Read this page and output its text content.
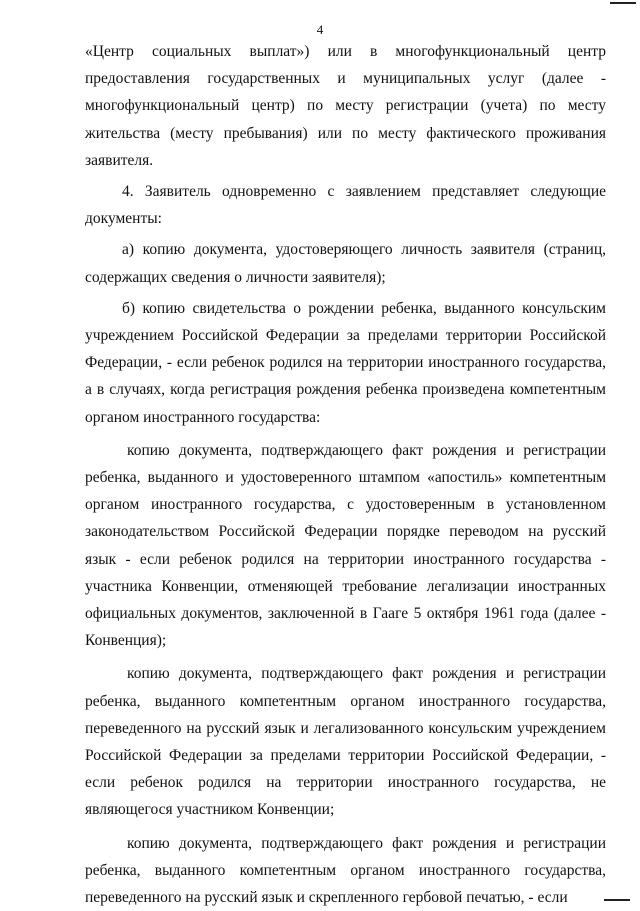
4

«Центр социальных выплат») или в многофункциональный центр предоставления государственных и муниципальных услуг (далее - многофункциональный центр) по месту регистрации (учета) по месту жительства (месту пребывания) или по месту фактического проживания заявителя.

4. Заявитель одновременно с заявлением представляет следующие документы:

а) копию документа, удостоверяющего личность заявителя (страниц, содержащих сведения о личности заявителя);

б) копию свидетельства о рождении ребенка, выданного консульским учреждением Российской Федерации за пределами территории Российской Федерации, - если ребенок родился на территории иностранного государства, а в случаях, когда регистрация рождения ребенка произведена компетентным органом иностранного государства:

копию документа, подтверждающего факт рождения и регистрации ребенка, выданного и удостоверенного штампом «апостиль» компетентным органом иностранного государства, с удостоверенным в установленном законодательством Российской Федерации порядке переводом на русский язык - если ребенок родился на территории иностранного государства - участника Конвенции, отменяющей требование легализации иностранных официальных документов, заключенной в Гааге 5 октября 1961 года (далее - Конвенция);

копию документа, подтверждающего факт рождения и регистрации ребенка, выданного компетентным органом иностранного государства, переведенного на русский язык и легализованного консульским учреждением Российской Федерации за пределами территории Российской Федерации, - если ребенок родился на территории иностранного государства, не являющегося участником Конвенции;

копию документа, подтверждающего факт рождения и регистрации ребенка, выданного компетентным органом иностранного государства, переведенного на русский язык и скрепленного гербовой печатью, - если
